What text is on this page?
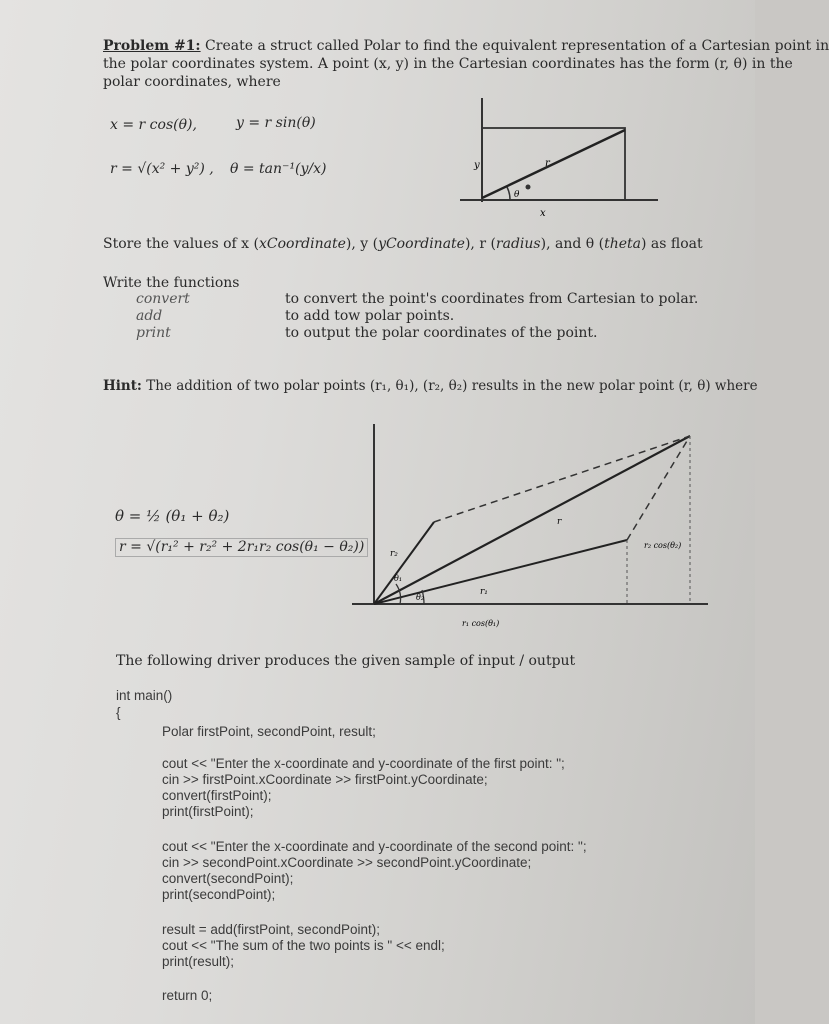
Problem #1: Create a struct called Polar to find the equivalent representation of a Cartesian point in
the polar coordinates system. A point (x, y) in the Cartesian coordinates has the form (r, θ) in the
polar coordinates, where
x = r cos(θ),	y = r sin(θ)
r = √(x² + y²) , θ = tan⁻¹(y/x)	y	r
θ
x
Store the values of x (xCoordinate), y (yCoordinate), r (radius), and θ (theta) as float
Write the functions
convert	to convert the point's coordinates from Cartesian to polar.
add	to add tow polar points.
print	to output the polar coordinates of the point.
Hint: The addition of two polar points (r₁, θ₁), (r₂, θ₂) results in the new polar point (r, θ) where
θ = ½ (θ₁ + θ₂)
r = √(r₁² + r₂² + 2r₁r₂ cos(θ₁ − θ₂))	r₂
r
r₁
θ₁
θ₂
r₂ cos(θ₂)
r₁ cos(θ₁)
The following driver produces the given sample of input / output
int main()
{
Polar firstPoint, secondPoint, result;
cout << "Enter the x-coordinate and y-coordinate of the first point: ";
cin >> firstPoint.xCoordinate >> firstPoint.yCoordinate;
convert(firstPoint);
print(firstPoint);
cout << "Enter the x-coordinate and y-coordinate of the second point: ";
cin >> secondPoint.xCoordinate >> secondPoint.yCoordinate;
convert(secondPoint);
print(secondPoint);
result = add(firstPoint, secondPoint);
cout << "The sum of the two points is " << endl;
print(result);
return 0;
